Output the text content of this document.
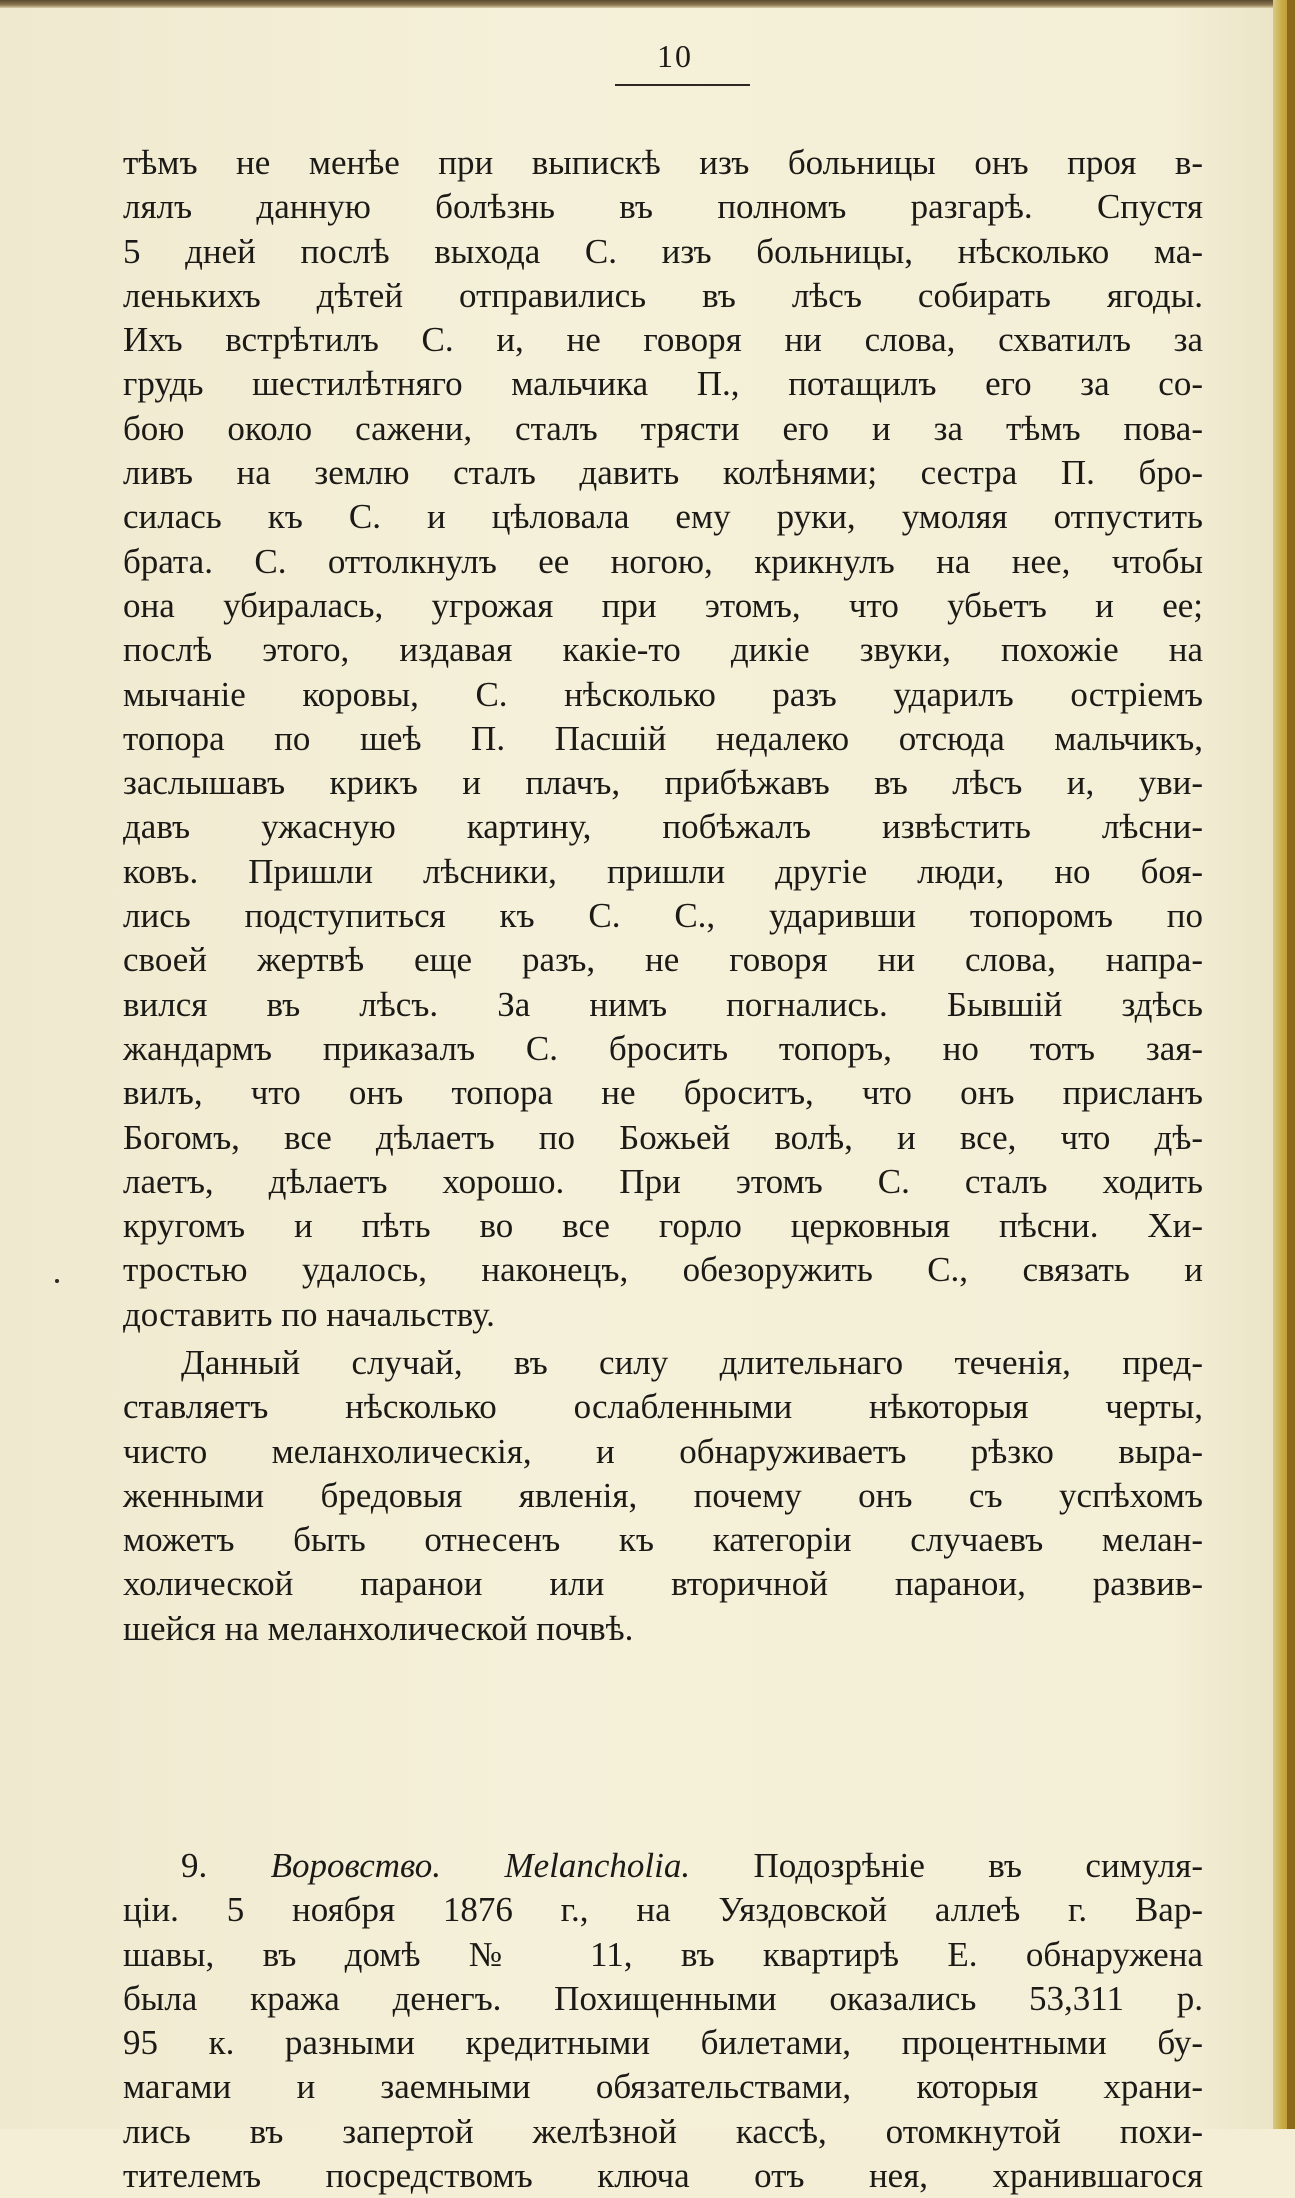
10
тѣмъ не менѣе при выпискѣ изъ больницы онъ проя в-
лялъ данную болѣзнь въ полномъ разгарѣ. Спустя
5 дней послѣ выхода С. изъ больницы, нѣсколько ма-
ленькихъ дѣтей отправились въ лѣсъ собирать ягоды.
Ихъ встрѣтилъ С. и, не говоря ни слова, схватилъ за
грудь шестилѣтняго мальчика П., потащилъ его за со-
бою около сажени, сталъ трясти его и за тѣмъ пова-
ливъ на землю сталъ давить колѣнями; сестра П. бро-
силась къ С. и цѣловала ему руки, умоляя отпустить
брата. С. оттолкнулъ ее ногою, крикнулъ на нее, чтобы
она убиралась, угрожая при этомъ, что убьетъ и ее;
послѣ этого, издавая какіе-то дикіе звуки, похожіе на
мычаніе коровы, С. нѣсколько разъ ударилъ остріемъ
топора по шеѣ П. Пасшій недалеко отсюда мальчикъ,
заслышавъ крикъ и плачъ, прибѣжавъ въ лѣсъ и, уви-
давъ ужасную картину, побѣжалъ извѣстить лѣсни-
ковъ. Пришли лѣсники, пришли другіе люди, но боя-
лись подступиться къ С. С., ударивши топоромъ по
своей жертвѣ еще разъ, не говоря ни слова, напра-
вился въ лѣсъ. За нимъ погнались. Бывшій здѣсь
жандармъ приказалъ С. бросить топоръ, но тотъ зая-
вилъ, что онъ топора не броситъ, что онъ присланъ
Богомъ, все дѣлаетъ по Божьей волѣ, и все, что дѣ-
лаетъ, дѣлаетъ хорошо. При этомъ С. сталъ ходить
кругомъ и пѣть во все горло церковныя пѣсни. Хи-
тростью удалось, наконецъ, обезоружить С., связать и
доставить по начальству.
Данный случай, въ силу длительнаго теченія, пред-
ставляетъ нѣсколько ослабленными нѣкоторыя черты,
чисто меланхолическія, и обнаруживаетъ рѣзко выра-
женными бредовыя явленія, почему онъ съ успѣхомъ
можетъ быть отнесенъ къ категоріи случаевъ мелан-
холической паранои или вторичной паранои, развив-
шейся на меланхолической почвѣ.
9. Воровство. Melancholia. Подозрѣніе въ симуля-
ціи. 5 ноября 1876 г., на Уяздовской аллеѣ г. Вар-
шавы, въ домѣ № 11, въ квартирѣ Е. обнаружена
была кража денегъ. Похищенными оказались 53,311 р.
95 к. разными кредитными билетами, процентными бу-
магами и заемными обязательствами, которыя храни-
лись въ запертой желѣзной кассѣ, отомкнутой похи-
тителемъ посредствомъ ключа отъ нея, хранившагося
